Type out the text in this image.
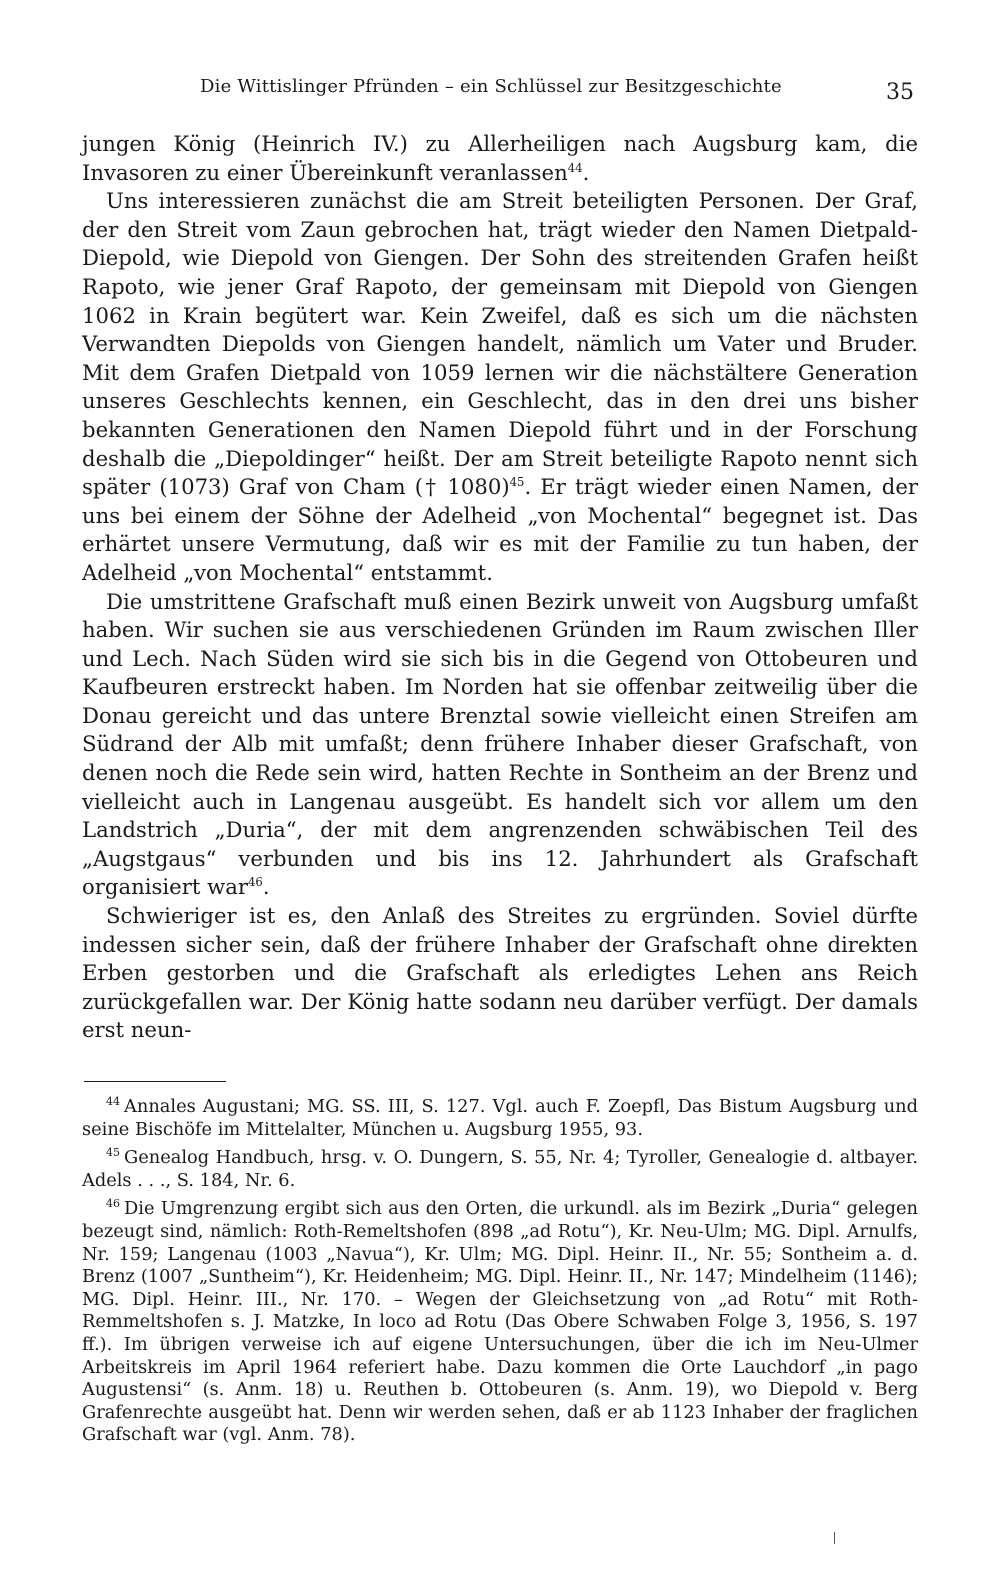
Die Wittislinger Pfründen – ein Schlüssel zur Besitzgeschichte	35

jungen König (Heinrich IV.) zu Allerheiligen nach Augsburg kam, die Invasoren zu einer Übereinkunft veranlassen$^{44}$.

Uns interessieren zunächst die am Streit beteiligten Personen. Der Graf, der den Streit vom Zaun gebrochen hat, trägt wieder den Namen Dietpald-Diepold, wie Diepold von Giengen. Der Sohn des streitenden Grafen heißt Rapoto, wie jener Graf Rapoto, der gemeinsam mit Diepold von Giengen 1062 in Krain begütert war. Kein Zweifel, daß es sich um die nächsten Verwandten Diepolds von Giengen handelt, nämlich um Vater und Bruder. Mit dem Grafen Dietpald von 1059 lernen wir die nächstältere Generation unseres Geschlechts kennen, ein Geschlecht, das in den drei uns bisher bekannten Generationen den Namen Diepold führt und in der Forschung deshalb die „Diepoldinger“ heißt. Der am Streit beteiligte Rapoto nennt sich später (1073) Graf von Cham († 1080)$^{45}$. Er trägt wieder einen Namen, der uns bei einem der Söhne der Adelheid „von Mochental“ begegnet ist. Das erhärtet unsere Vermutung, daß wir es mit der Familie zu tun haben, der Adelheid „von Mochental“ entstammt.

Die umstrittene Grafschaft muß einen Bezirk unweit von Augsburg umfaßt haben. Wir suchen sie aus verschiedenen Gründen im Raum zwischen Iller und Lech. Nach Süden wird sie sich bis in die Gegend von Ottobeuren und Kaufbeuren erstreckt haben. Im Norden hat sie offenbar zeitweilig über die Donau gereicht und das untere Brenztal sowie vielleicht einen Streifen am Südrand der Alb mit umfaßt; denn frühere Inhaber dieser Grafschaft, von denen noch die Rede sein wird, hatten Rechte in Sontheim an der Brenz und vielleicht auch in Langenau ausgeübt. Es handelt sich vor allem um den Landstrich „Duria“, der mit dem angrenzenden schwäbischen Teil des „Augstgaus“ verbunden und bis ins 12. Jahrhundert als Grafschaft organisiert war$^{46}$.

Schwieriger ist es, den Anlaß des Streites zu ergründen. Soviel dürfte indessen sicher sein, daß der frühere Inhaber der Grafschaft ohne direkten Erben gestorben und die Grafschaft als erledigtes Lehen ans Reich zurückgefallen war. Der König hatte sodann neu darüber verfügt. Der damals erst neun-

$^{44}$ Annales Augustani; MG. SS. III, S. 127. Vgl. auch F. Zoepfl, Das Bistum Augsburg und seine Bischöfe im Mittelalter, München u. Augsburg 1955, 93.

$^{45}$ Genealog Handbuch, hrsg. v. O. Dungern, S. 55, Nr. 4; Tyroller, Genealogie d. altbayer. Adels . . ., S. 184, Nr. 6.

$^{46}$ Die Umgrenzung ergibt sich aus den Orten, die urkundl. als im Bezirk „Duria“ gelegen bezeugt sind, nämlich: Roth-Remeltshofen (898 „ad Rotu“), Kr. Neu-Ulm; MG. Dipl. Arnulfs, Nr. 159; Langenau (1003 „Navua“), Kr. Ulm; MG. Dipl. Heinr. II., Nr. 55; Sontheim a. d. Brenz (1007 „Suntheim“), Kr. Heidenheim; MG. Dipl. Heinr. II., Nr. 147; Mindelheim (1146); MG. Dipl. Heinr. III., Nr. 170. – Wegen der Gleichsetzung von „ad Rotu“ mit Roth-Remmeltshofen s. J. Matzke, In loco ad Rotu (Das Obere Schwaben Folge 3, 1956, S. 197 ff.). Im übrigen verweise ich auf eigene Untersuchungen, über die ich im Neu-Ulmer Arbeitskreis im April 1964 referiert habe. Dazu kommen die Orte Lauchdorf „in pago Augustensi“ (s. Anm. 18) u. Reuthen b. Ottobeuren (s. Anm. 19), wo Diepold v. Berg Grafenrechte ausgeübt hat. Denn wir werden sehen, daß er ab 1123 Inhaber der fraglichen Grafschaft war (vgl. Anm. 78).
